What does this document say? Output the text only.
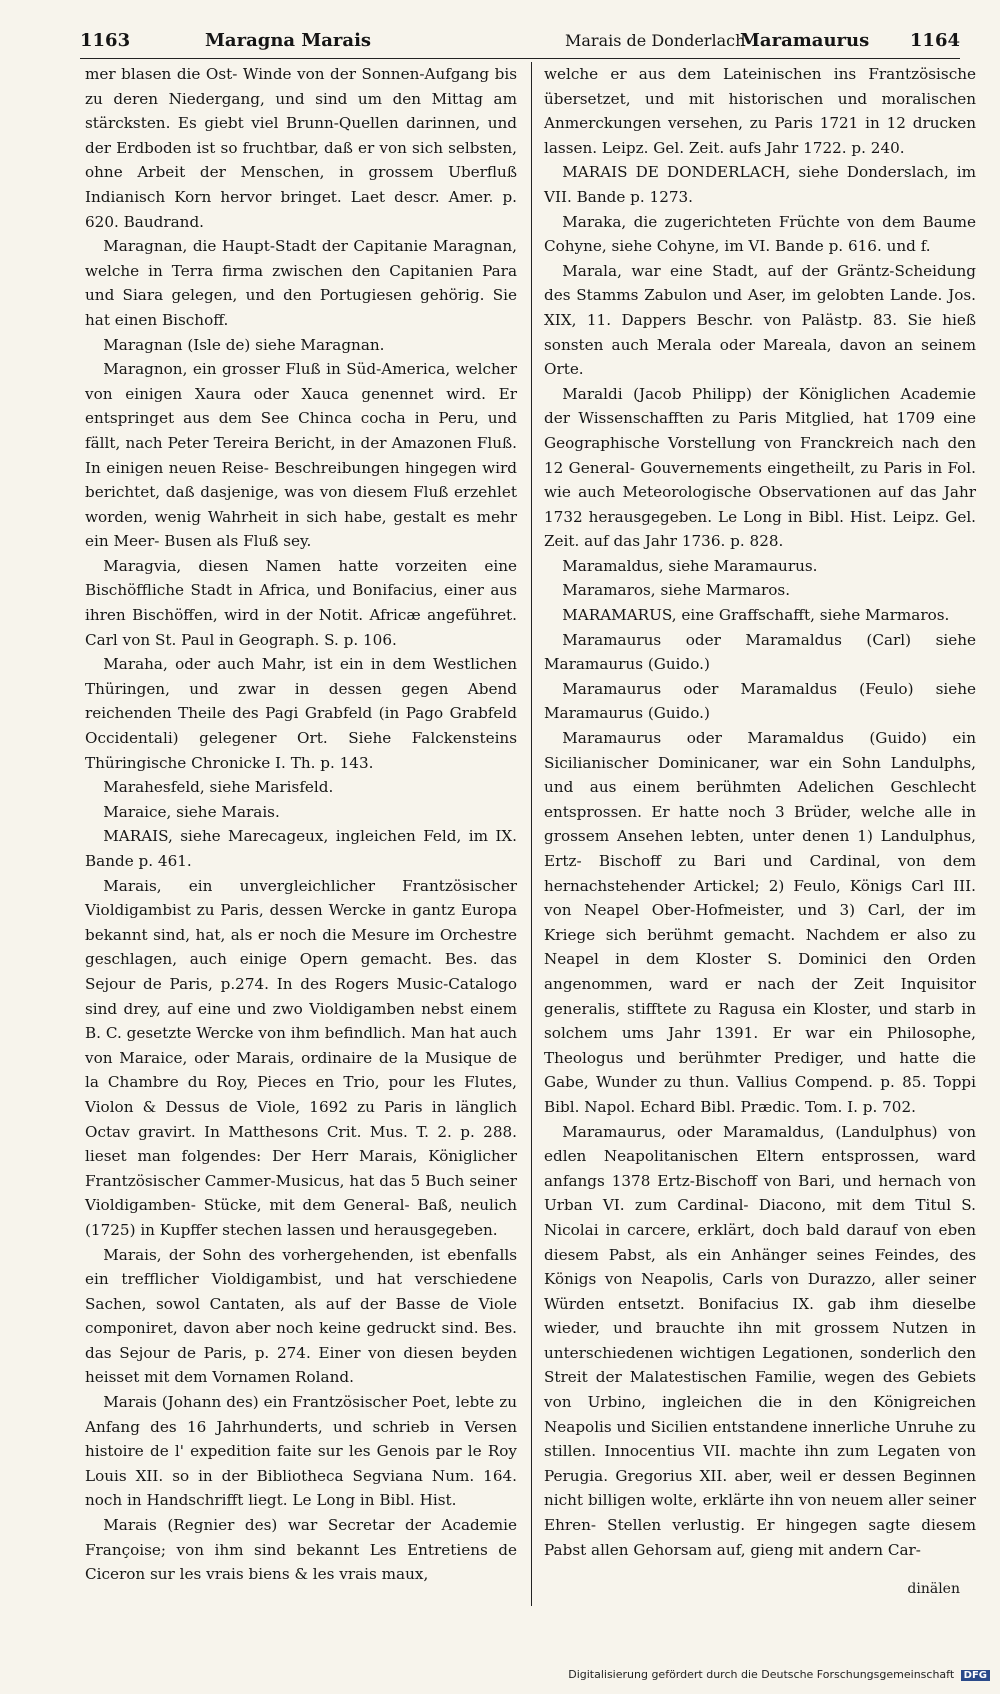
1163	Maragna Marais	Marais de Donderlach
Maramaurus 1164

mer blasen die Ost- Winde von der Sonnen-Aufgang bis zu deren Niedergang, und sind um den Mittag am stärcksten. Es giebt viel Brunn-Quellen darinnen, und der Erdboden ist so fruchtbar, daß er von sich selbsten, ohne Arbeit der Menschen, in grossem Uberfluß Indianisch Korn hervor bringet. Laet descr. Amer. p. 620. Baudrand.

Maragnan, die Haupt-Stadt der Capitanie Maragnan, welche in Terra firma zwischen den Capitanien Para und Siara gelegen, und den Portugiesen gehörig. Sie hat einen Bischoff.

Maragnan (Isle de) siehe Maragnan.

Maragnon, ein grosser Fluß in Süd-America, welcher von einigen Xaura oder Xauca genennet wird. Er entspringet aus dem See Chinca cocha in Peru, und fällt, nach Peter Tereira Bericht, in der Amazonen Fluß. In einigen neuen Reise- Beschreibungen hingegen wird berichtet, daß dasjenige, was von diesem Fluß erzehlet worden, wenig Wahrheit in sich habe, gestalt es mehr ein Meer- Busen als Fluß sey.

Maragvia, diesen Namen hatte vorzeiten eine Bischöffliche Stadt in Africa, und Bonifacius, einer aus ihren Bischöffen, wird in der Notit. Africæ angeführet. Carl von St. Paul in Geograph. S. p. 106.

Maraha, oder auch Mahr, ist ein in dem Westlichen Thüringen, und zwar in dessen gegen Abend reichenden Theile des Pagi Grabfeld (in Pago Grabfeld Occidentali) gelegener Ort. Siehe Falckensteins Thüringische Chronicke I. Th. p. 143.

Marahesfeld, siehe Marisfeld.

Maraice, siehe Marais.

MARAIS, siehe Marecageux, ingleichen Feld, im IX. Bande p. 461.

Marais, ein unvergleichlicher Frantzösischer Violdigambist zu Paris, dessen Wercke in gantz Europa bekannt sind, hat, als er noch die Mesure im Orchestre geschlagen, auch einige Opern gemacht. Bes. das Sejour de Paris, p.274. In des Rogers Music-Catalogo sind drey, auf eine und zwo Violdigamben nebst einem B. C. gesetzte Wercke von ihm befindlich. Man hat auch von Maraice, oder Marais, ordinaire de la Musique de la Chambre du Roy, Pieces en Trio, pour les Flutes, Violon & Dessus de Viole, 1692 zu Paris in länglich Octav gravirt. In Matthesons Crit. Mus. T. 2. p. 288. lieset man folgendes: Der Herr Marais, Königlicher Frantzösischer Cammer-Musicus, hat das 5 Buch seiner Violdigamben- Stücke, mit dem General- Baß, neulich (1725) in Kupffer stechen lassen und herausgegeben.

Marais, der Sohn des vorhergehenden, ist ebenfalls ein trefflicher Violdigambist, und hat verschiedene Sachen, sowol Cantaten, als auf der Basse de Viole componiret, davon aber noch keine gedruckt sind. Bes. das Sejour de Paris, p. 274. Einer von diesen beyden heisset mit dem Vornamen Roland.

Marais (Johann des) ein Frantzösischer Poet, lebte zu Anfang des 16 Jahrhunderts, und schrieb in Versen histoire de l' expedition faite sur les Genois par le Roy Louis XII. so in der Bibliotheca Segviana Num. 164. noch in Handschrifft liegt. Le Long in Bibl. Hist.

Marais (Regnier des) war Secretar der Academie Françoise; von ihm sind bekannt Les Entretiens de Ciceron sur les vrais biens & les vrais maux,

welche er aus dem Lateinischen ins Frantzösische übersetzet, und mit historischen und moralischen Anmerckungen versehen, zu Paris 1721 in 12 drucken lassen. Leipz. Gel. Zeit. aufs Jahr 1722. p. 240.

MARAIS DE DONDERLACH, siehe Donderslach, im VII. Bande p. 1273.

Maraka, die zugerichteten Früchte von dem Baume Cohyne, siehe Cohyne, im VI. Bande p. 616. und f.

Marala, war eine Stadt, auf der Gräntz-Scheidung des Stamms Zabulon und Aser, im gelobten Lande. Jos. XIX, 11. Dappers Beschr. von Palästp. 83. Sie hieß sonsten auch Merala oder Mareala, davon an seinem Orte.

Maraldi (Jacob Philipp) der Königlichen Academie der Wissenschafften zu Paris Mitglied, hat 1709 eine Geographische Vorstellung von Franckreich nach den 12 General- Gouvernements eingetheilt, zu Paris in Fol. wie auch Meteorologische Observationen auf das Jahr 1732 herausgegeben. Le Long in Bibl. Hist. Leipz. Gel. Zeit. auf das Jahr 1736. p. 828.

Maramaldus, siehe Maramaurus.

Maramaros, siehe Marmaros.

MARAMARUS, eine Graffschafft, siehe Marmaros.

Maramaurus oder Maramaldus (Carl) siehe Maramaurus (Guido.)

Maramaurus oder Maramaldus (Feulo) siehe Maramaurus (Guido.)

Maramaurus oder Maramaldus (Guido) ein Sicilianischer Dominicaner, war ein Sohn Landulphs, und aus einem berühmten Adelichen Geschlecht entsprossen. Er hatte noch 3 Brüder, welche alle in grossem Ansehen lebten, unter denen 1) Landulphus, Ertz- Bischoff zu Bari und Cardinal, von dem hernachstehender Artickel; 2) Feulo, Königs Carl III. von Neapel Ober-Hofmeister, und 3) Carl, der im Kriege sich berühmt gemacht. Nachdem er also zu Neapel in dem Kloster S. Dominici den Orden angenommen, ward er nach der Zeit Inquisitor generalis, stifftete zu Ragusa ein Kloster, und starb in solchem ums Jahr 1391. Er war ein Philosophe, Theologus und berühmter Prediger, und hatte die Gabe, Wunder zu thun. Vallius Compend. p. 85. Toppi Bibl. Napol. Echard Bibl. Prædic. Tom. I. p. 702.

Maramaurus, oder Maramaldus, (Landulphus) von edlen Neapolitanischen Eltern entsprossen, ward anfangs 1378 Ertz-Bischoff von Bari, und hernach von Urban VI. zum Cardinal- Diacono, mit dem Titul S. Nicolai in carcere, erklärt, doch bald darauf von eben diesem Pabst, als ein Anhänger seines Feindes, des Königs von Neapolis, Carls von Durazzo, aller seiner Würden entsetzt. Bonifacius IX. gab ihm dieselbe wieder, und brauchte ihn mit grossem Nutzen in unterschiedenen wichtigen Legationen, sonderlich den Streit der Malatestischen Familie, wegen des Gebiets von Urbino, ingleichen die in den Königreichen Neapolis und Sicilien entstandene innerliche Unruhe zu stillen. Innocentius VII. machte ihn zum Legaten von Perugia. Gregorius XII. aber, weil er dessen Beginnen nicht billigen wolte, erklärte ihn von neuem aller seiner Ehren- Stellen verlustig. Er hingegen sagte diesem Pabst allen Gehorsam auf, gieng mit andern Car-

dinälen
Digitalisierung gefördert durch die Deutsche Forschungsgemeinschaft DFG
